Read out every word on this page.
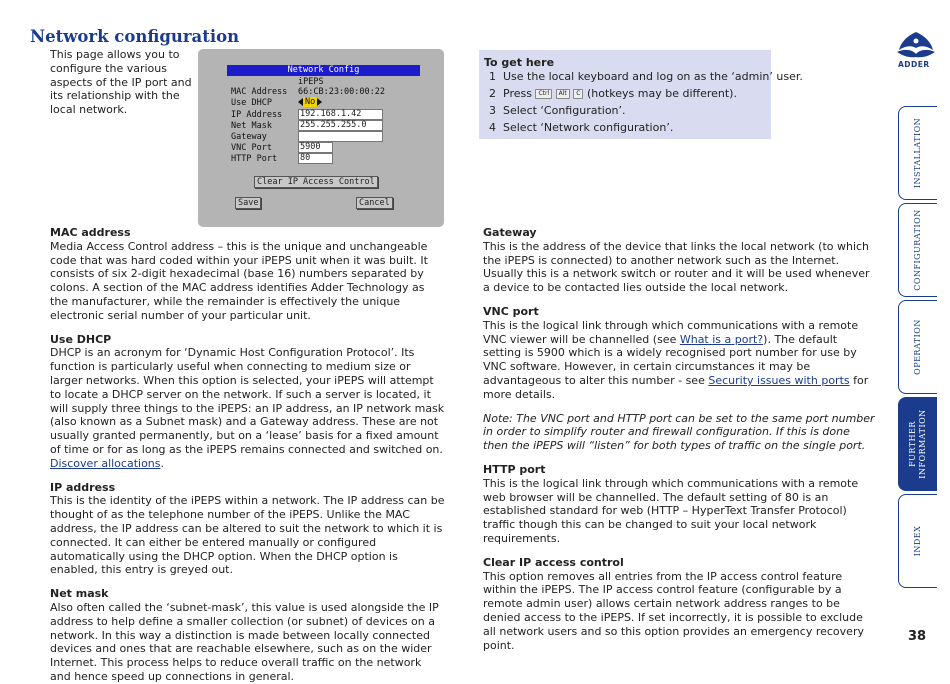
Network configuration
This page allows you to configure the various aspects of the IP port and its relationship with the local network.
Network Config
iPEPS
MAC Address 66:CB:23:00:00:22
Use DHCP	No
IP Address 192.168.1.42
Net Mask	255.255.255.0
Gateway
VNC Port	5900
HTTP Port	80
Clear IP Access Control
Save	Cancel
To get here
1 Use the local keyboard and log on as the ‘admin’ user.
2 Press Ctrl Alt C (hotkeys may be different).
3 Select ‘Configuration’.
4 Select ‘Network configuration’.
MAC address

Media Access Control address – this is the unique and unchangeable code that was hard coded within your iPEPS unit when it was built. It consists of six 2-digit hexadecimal (base 16) numbers separated by colons. A section of the MAC address identifies Adder Technology as the manufacturer, while the remainder is effectively the unique electronic serial number of your particular unit.

Use DHCP

DHCP is an acronym for ‘Dynamic Host Configuration Protocol’. Its function is particularly useful when connecting to medium size or larger networks. When this option is selected, your iPEPS will attempt to locate a DHCP server on the network. If such a server is located, it will supply three things to the iPEPS: an IP address, an IP network mask (also known as a Subnet mask) and a Gateway address. These are not usually granted permanently, but on a ‘lease’ basis for a fixed amount of time or for as long as the iPEPS remains connected and switched on. Discover allocations.

IP address

This is the identity of the iPEPS within a network. The IP address can be thought of as the telephone number of the iPEPS. Unlike the MAC address, the IP address can be altered to suit the network to which it is connected. It can either be entered manually or configured automatically using the DHCP option. When the DHCP option is enabled, this entry is greyed out.

Net mask

Also often called the ‘subnet-mask’, this value is used alongside the IP address to help define a smaller collection (or subnet) of devices on a network. In this way a distinction is made between locally connected devices and ones that are reachable elsewhere, such as on the wider Internet. This process helps to reduce overall traffic on the network and hence speed up connections in general.

Gateway

This is the address of the device that links the local network (to which the iPEPS is connected) to another network such as the Internet. Usually this is a network switch or router and it will be used whenever a device to be contacted lies outside the local network.

VNC port

This is the logical link through which communications with a remote VNC viewer will be channelled (see What is a port?). The default setting is 5900 which is a widely recognised port number for use by VNC software. However, in certain circumstances it may be advantageous to alter this number - see Security issues with ports for more details.

Note: The VNC port and HTTP port can be set to the same port number in order to simplify router and firewall configuration. If this is done then the iPEPS will “listen” for both types of traffic on the single port.

HTTP port

This is the logical link through which communications with a remote web browser will be channelled. The default setting of 80 is an established standard for web (HTTP – HyperText Transfer Protocol) traffic though this can be changed to suit your local network requirements.

Clear IP access control

This option removes all entries from the IP access control feature within the iPEPS. The IP access control feature (configurable by a remote admin user) allows certain network address ranges to be denied access to the iPEPS. If set incorrectly, it is possible to exclude all network users and so this option provides an emergency recovery point.

ADDER
INSTALLATION
CONFIGURATION
OPERATION
FURTHER
INFORMATION
INDEX
38
